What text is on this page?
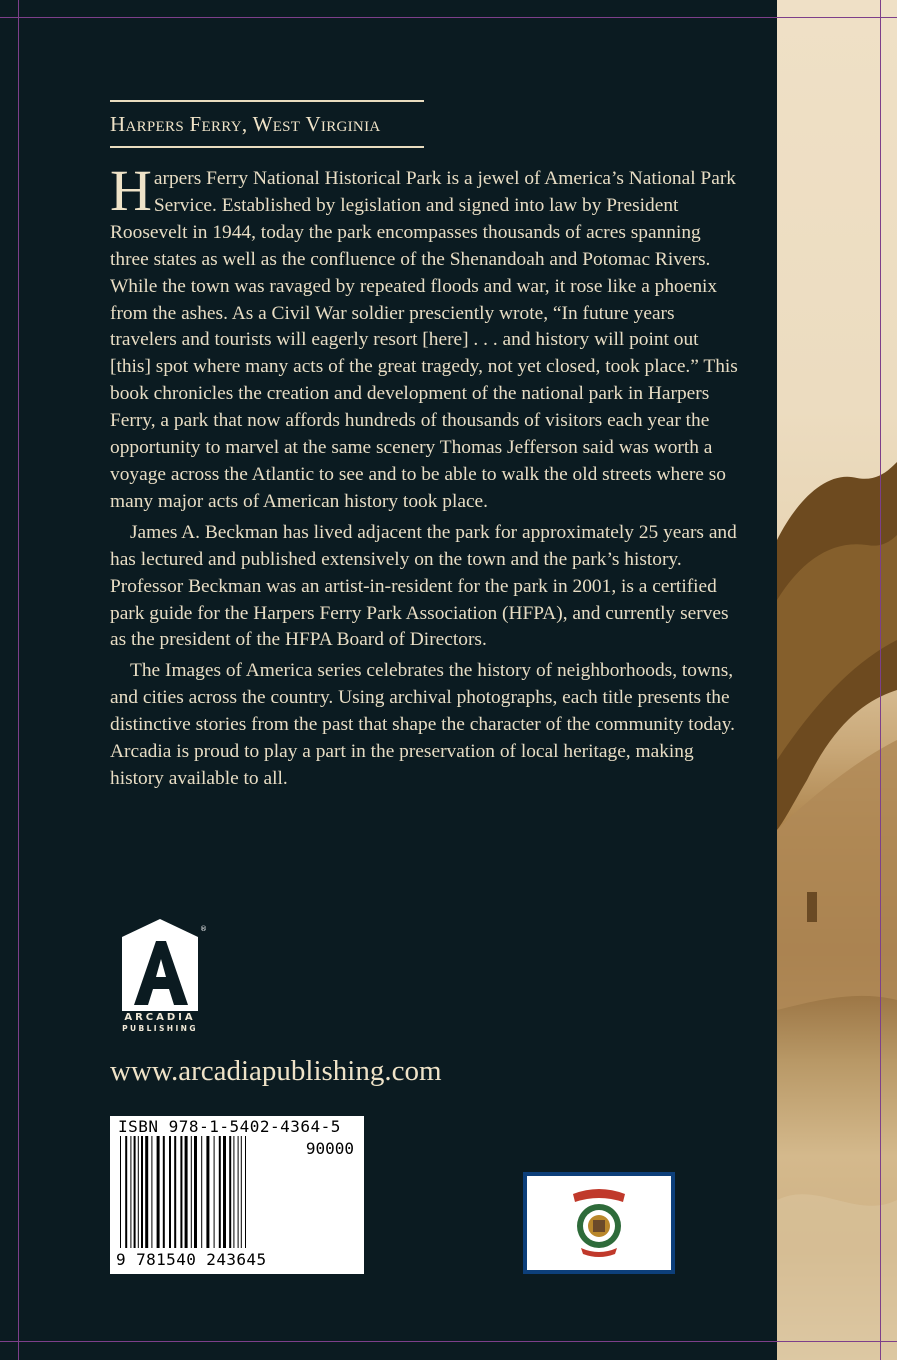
Harpers Ferry, West Virginia

Harpers Ferry National Historical Park is a jewel of America’s National Park Service. Established by legislation and signed into law by President Roosevelt in 1944, today the park encompasses thousands of acres spanning three states as well as the confluence of the Shenandoah and Potomac Rivers. While the town was ravaged by repeated floods and war, it rose like a phoenix from the ashes. As a Civil War soldier presciently wrote, “In future years travelers and tourists will eagerly resort [here] . . . and history will point out [this] spot where many acts of the great tragedy, not yet closed, took place.” This book chronicles the creation and development of the national park in Harpers Ferry, a park that now affords hundreds of thousands of visitors each year the opportunity to marvel at the same scenery Thomas Jefferson said was worth a voyage across the Atlantic to see and to be able to walk the old streets where so many major acts of American history took place.

James A. Beckman has lived adjacent the park for approximately 25 years and has lectured and published extensively on the town and the park’s history. Professor Beckman was an artist-in-resident for the park in 2001, is a certified park guide for the Harpers Ferry Park Association (HFPA), and currently serves as the president of the HFPA Board of Directors.

The Images of America series celebrates the history of neighborhoods, towns, and cities across the country. Using archival photographs, each title presents the distinctive stories from the past that shape the character of the community today. Arcadia is proud to play a part in the preservation of local heritage, making history available to all.

®
ARCADIA
PUBLISHING
www.arcadiapublishing.com
ISBN 978-1-5402-4364-5
90000
9 781540 243645
